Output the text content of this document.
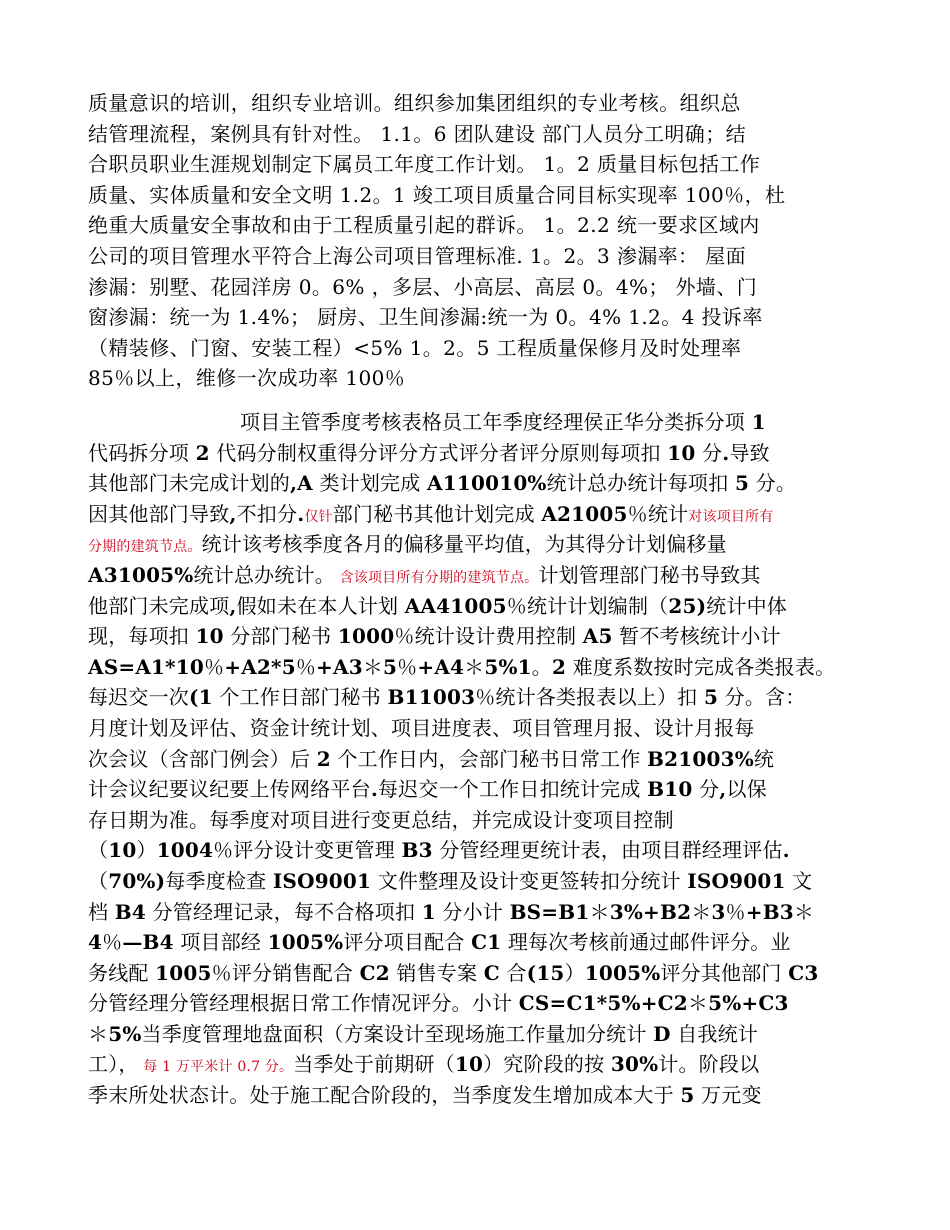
质量意识的培训，组织专业培训。组织参加集团组织的专业考核。组织总
结管理流程，案例具有针对性。 1.1。6 团队建设 部门人员分工明确；结
合职员职业生涯规划制定下属员工年度工作计划。 1。2 质量目标包括工作
质量、实体质量和安全文明 1.2。1 竣工项目质量合同目标实现率 100％，杜
绝重大质量安全事故和由于工程质量引起的群诉。 1。2.2 统一要求区域内
公司的项目管理水平符合上海公司项目管理标准. 1。2。3 渗漏率： 屋面
渗漏：别墅、花园洋房 0。6% ，多层、小高层、高层 0。4%； 外墙、门
窗渗漏：统一为 1.4%； 厨房、卫生间渗漏:统一为 0。4% 1.2。4 投诉率
（精装修、门窗、安装工程）<5% 1。2。5 工程质量保修月及时处理率
85％以上，维修一次成功率 100％
项目主管季度考核表格员工年季度经理侯正华分类拆分项 1
代码拆分项 2 代码分制权重得分评分方式评分者评分原则每项扣 10 分.导致
其他部门未完成计划的,A 类计划完成 A110010%统计总办统计每项扣 5 分。
因其他部门导致,不扣分.仅针部门秘书其他计划完成 A21005％统计对该项目所有
分期的建筑节点。统计该考核季度各月的偏移量平均值，为其得分计划偏移量
A31005%统计总办统计。 含该项目所有分期的建筑节点。计划管理部门秘书导致其
他部门未完成项,假如未在本人计划 AA41005％统计计划编制（25)统计中体
现，每项扣 10 分部门秘书 1000％统计设计费用控制 A5 暂不考核统计小计
AS=A1*10％+A2*5％+A3＊5％+A4＊5%1。2 难度系数按时完成各类报表。
每迟交一次(1 个工作日部门秘书 B11003％统计各类报表以上）扣 5 分。含：
月度计划及评估、资金计统计划、项目进度表、项目管理月报、设计月报每
次会议（含部门例会）后 2 个工作日内，会部门秘书日常工作 B21003%统
计会议纪要议纪要上传网络平台.每迟交一个工作日扣统计完成 B10 分,以保
存日期为准。每季度对项目进行变更总结，并完成设计变项目控制
（10）1004％评分设计变更管理 B3 分管经理更统计表，由项目群经理评估.
（70%)每季度检查 ISO9001 文件整理及设计变更签转扣分统计 ISO9001 文
档 B4 分管经理记录，每不合格项扣 1 分小计 BS=B1＊3%+B2＊3％+B3＊
4％—B4 项目部经 1005%评分项目配合 C1 理每次考核前通过邮件评分。业
务线配 1005％评分销售配合 C2 销售专案 C 合(15）1005%评分其他部门 C3
分管经理分管经理根据日常工作情况评分。小计 CS=C1*5%+C2＊5%+C3
＊5%当季度管理地盘面积（方案设计至现场施工作量加分统计 D 自我统计
工）， 每 1 万平米计 0.7 分。当季处于前期研（10）究阶段的按 30%计。阶段以
季末所处状态计。处于施工配合阶段的，当季度发生增加成本大于 5 万元变
